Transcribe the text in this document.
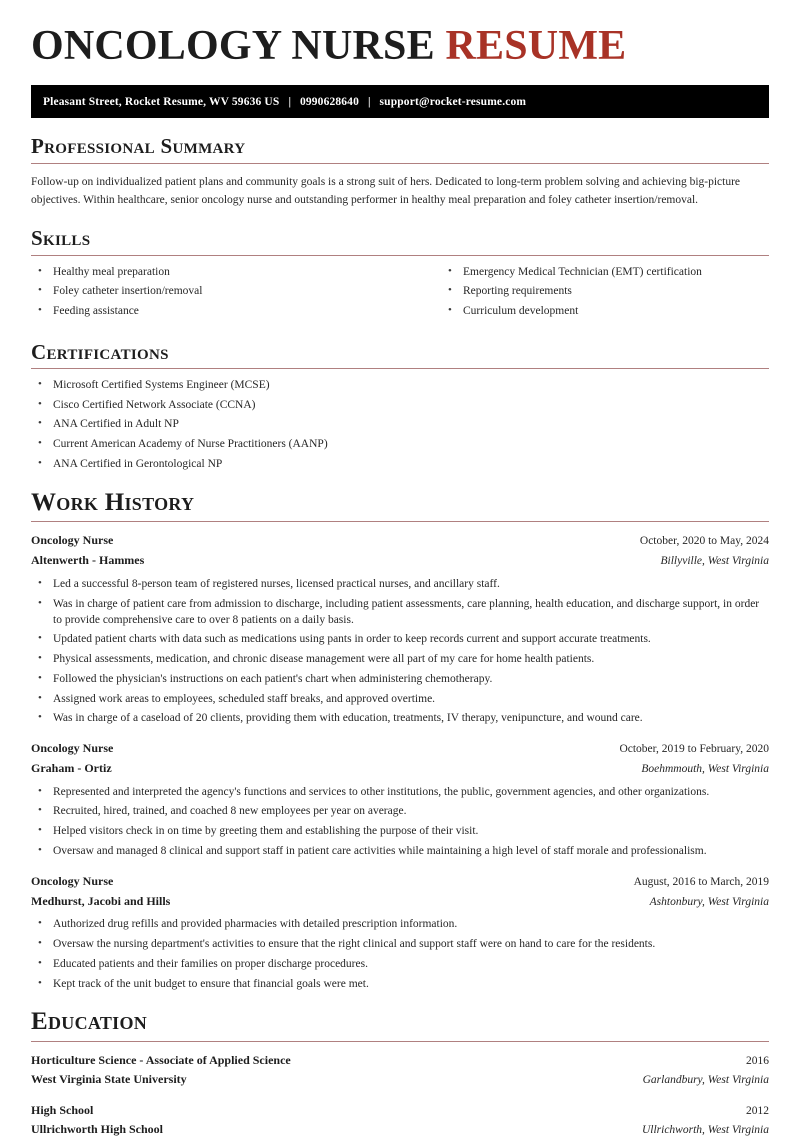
ONCOLOGY NURSE RESUME
Pleasant Street, Rocket Resume, WV 59636 US | 0990628640 | support@rocket-resume.com
Professional Summary

Follow-up on individualized patient plans and community goals is a strong suit of hers. Dedicated to long-term problem solving and achieving big-picture objectives. Within healthcare, senior oncology nurse and outstanding performer in healthy meal preparation and foley catheter insertion/removal.

Skills
• Healthy meal preparation
• Foley catheter insertion/removal
• Feeding assistance
• Emergency Medical Technician (EMT) certification
• Reporting requirements
• Curriculum development
Certifications
• Microsoft Certified Systems Engineer (MCSE)
• Cisco Certified Network Associate (CCNA)
• ANA Certified in Adult NP
• Current American Academy of Nurse Practitioners (AANP)
• ANA Certified in Gerontological NP
Work History
Oncology Nurse	October, 2020 to May, 2024
Altenwerth - Hammes	Billyville, West Virginia
• Led a successful 8-person team of registered nurses, licensed practical nurses, and ancillary staff.
• Was in charge of patient care from admission to discharge, including patient assessments, care planning, health education, and discharge support, in order to provide comprehensive care to over 8 patients on a daily basis.
• Updated patient charts with data such as medications using pants in order to keep records current and support accurate treatments.
• Physical assessments, medication, and chronic disease management were all part of my care for home health patients.
• Followed the physician's instructions on each patient's chart when administering chemotherapy.
• Assigned work areas to employees, scheduled staff breaks, and approved overtime.
• Was in charge of a caseload of 20 clients, providing them with education, treatments, IV therapy, venipuncture, and wound care.
Oncology Nurse	October, 2019 to February, 2020
Graham - Ortiz	Boehmmouth, West Virginia
• Represented and interpreted the agency's functions and services to other institutions, the public, government agencies, and other organizations.
• Recruited, hired, trained, and coached 8 new employees per year on average.
• Helped visitors check in on time by greeting them and establishing the purpose of their visit.
• Oversaw and managed 8 clinical and support staff in patient care activities while maintaining a high level of staff morale and professionalism.
Oncology Nurse	August, 2016 to March, 2019
Medhurst, Jacobi and Hills	Ashtonbury, West Virginia
• Authorized drug refills and provided pharmacies with detailed prescription information.
• Oversaw the nursing department's activities to ensure that the right clinical and support staff were on hand to care for the residents.
• Educated patients and their families on proper discharge procedures.
• Kept track of the unit budget to ensure that financial goals were met.
Education
Horticulture Science - Associate of Applied Science	2016
West Virginia State University	Garlandbury, West Virginia
High School	2012
Ullrichworth High School	Ullrichworth, West Virginia
